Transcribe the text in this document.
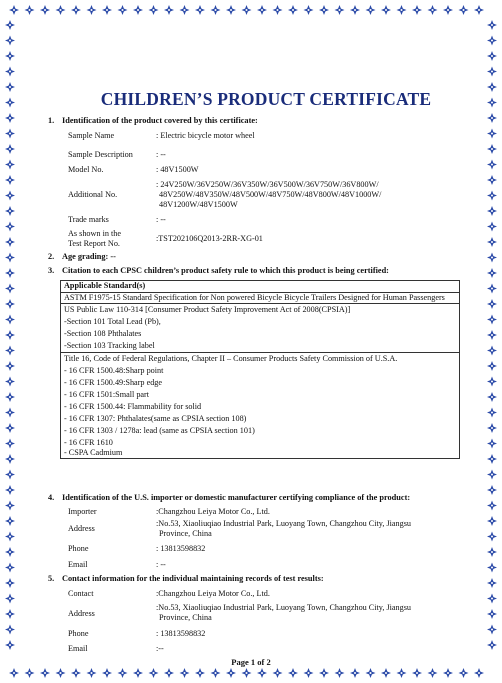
CHILDREN’S PRODUCT CERTIFICATE
1. Identification of the product covered by this certificate:
Sample Name	: Electric bicycle motor wheel
Sample Description	: --
Model No.	: 48V1500W
Additional No.
: 24V250W/36V250W/36V350W/36V500W/36V750W/36V800W/
48V250W/48V350W/48V500W/48V750W/48V800W/48V1000W/
48V1200W/48V1500W
Trade marks	: --
As shown in the
Test Report No.
:TST202106Q2013-2RR-XG-01
2. Age grading: --
3. Citation to each CPSC children’s product safety rule to which this product is being certified:
Applicable Standard(s)
ASTM F1975-15 Standard Specification for Non powered Bicycle Bicycle Trailers Designed for Human Passengers

US Public Law 110-314 [Consumer Product Safety Improvement Act of 2008(CPSIA)]
-Section 101 Total Lead (Pb),
-Section 108 Phthalates
-Section 103 Tracking label

Title 16, Code of Federal Regulations, Chapter II – Consumer Products Safety Commission of U.S.A.
- 16 CFR 1500.48:Sharp point
- 16 CFR 1500.49:Sharp edge
- 16 CFR 1501:Small part
- 16 CFR 1500.44: Flammability for solid
- 16 CFR 1307: Phthalates(same as CPSIA section 108)
- 16 CFR 1303 / 1278a: lead (same as CPSIA section 101)
- 16 CFR 1610
- CSPA Cadmium
4. Identification of the U.S. importer or domestic manufacturer certifying compliance of the product:
Importer	:Changzhou Leiya Motor Co., Ltd.
Address
:No.53, Xiaoliuqiao Industrial Park, Luoyang Town, Changzhou City, Jiangsu
Province, China
Phone	: 13813598832
Email	: --
5. Contact information for the individual maintaining records of test results:
Contact	:Changzhou Leiya Motor Co., Ltd.
Address
:No.53, Xiaoliuqiao Industrial Park, Luoyang Town, Changzhou City, Jiangsu
Province, China
Phone	: 13813598832
Email	:--
Page 1 of 2
